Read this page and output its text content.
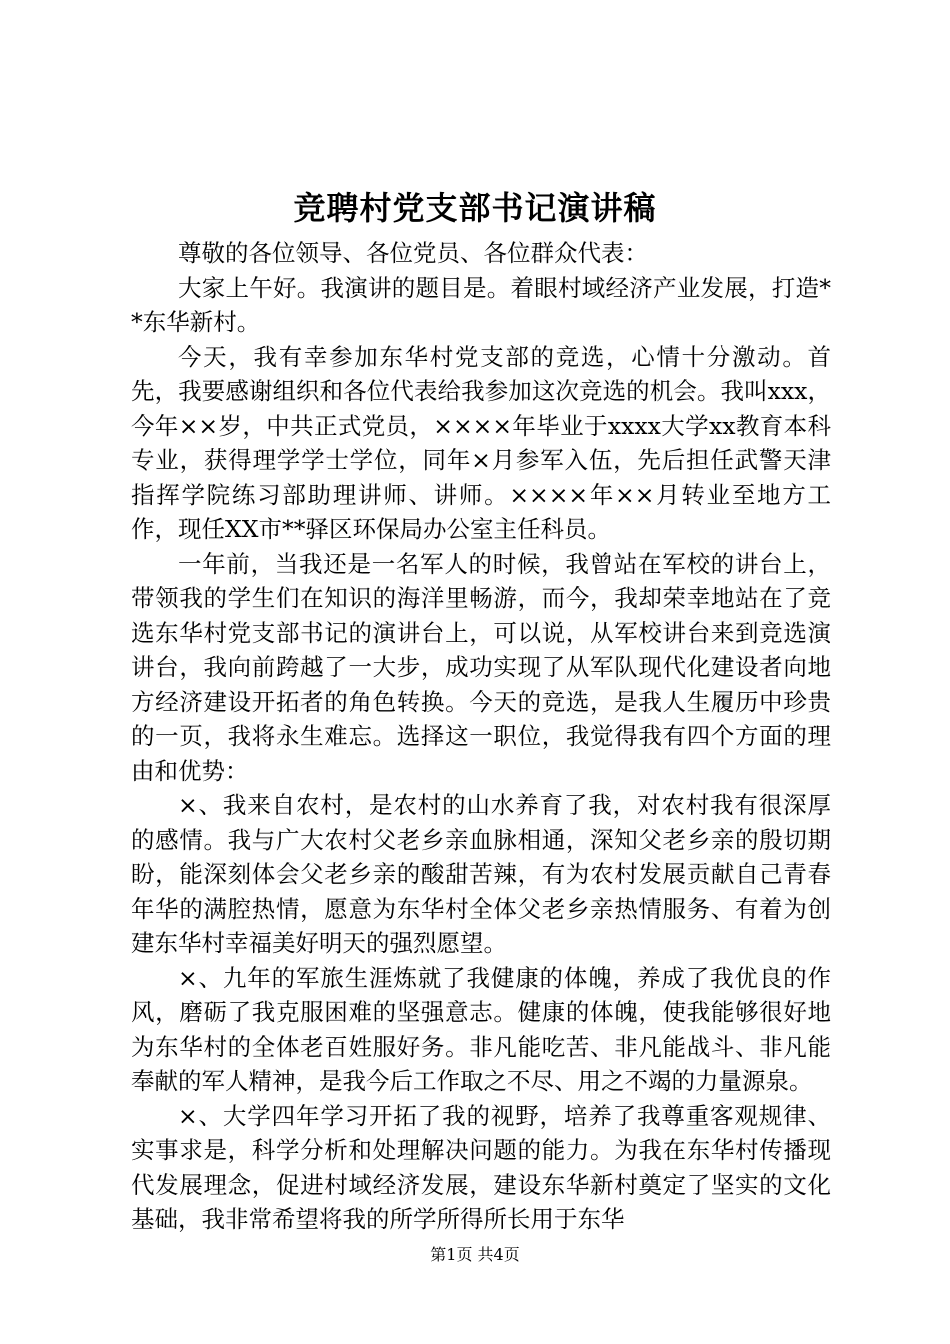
竞聘村党支部书记演讲稿

尊敬的各位领导、各位党员、各位群众代表：

大家上午好。我演讲的题目是。着眼村域经济产业发展，打造**东华新村。

今天，我有幸参加东华村党支部的竞选，心情十分激动。首先，我要感谢组织和各位代表给我参加这次竞选的机会。我叫xxx，今年××岁，中共正式党员，××××年毕业于xxxx大学xx教育本科专业，获得理学学士学位，同年×月参军入伍，先后担任武警天津指挥学院练习部助理讲师、讲师。××××年××月转业至地方工作，现任XX市**驿区环保局办公室主任科员。

一年前，当我还是一名军人的时候，我曾站在军校的讲台上，带领我的学生们在知识的海洋里畅游，而今，我却荣幸地站在了竞选东华村党支部书记的演讲台上，可以说，从军校讲台来到竞选演讲台，我向前跨越了一大步，成功实现了从军队现代化建设者向地方经济建设开拓者的角色转换。今天的竞选，是我人生履历中珍贵的一页，我将永生难忘。选择这一职位，我觉得我有四个方面的理由和优势：

×、我来自农村，是农村的山水养育了我，对农村我有很深厚的感情。我与广大农村父老乡亲血脉相通，深知父老乡亲的殷切期盼，能深刻体会父老乡亲的酸甜苦辣，有为农村发展贡献自己青春年华的满腔热情，愿意为东华村全体父老乡亲热情服务、有着为创建东华村幸福美好明天的强烈愿望。

×、九年的军旅生涯炼就了我健康的体魄，养成了我优良的作风，磨砺了我克服困难的坚强意志。健康的体魄，使我能够很好地为东华村的全体老百姓服好务。非凡能吃苦、非凡能战斗、非凡能奉献的军人精神，是我今后工作取之不尽、用之不竭的力量源泉。

×、大学四年学习开拓了我的视野，培养了我尊重客观规律、实事求是，科学分析和处理解决问题的能力。为我在东华村传播现代发展理念，促进村域经济发展，建设东华新村奠定了坚实的文化基础，我非常希望将我的所学所得所长用于东华

第1页 共4页
